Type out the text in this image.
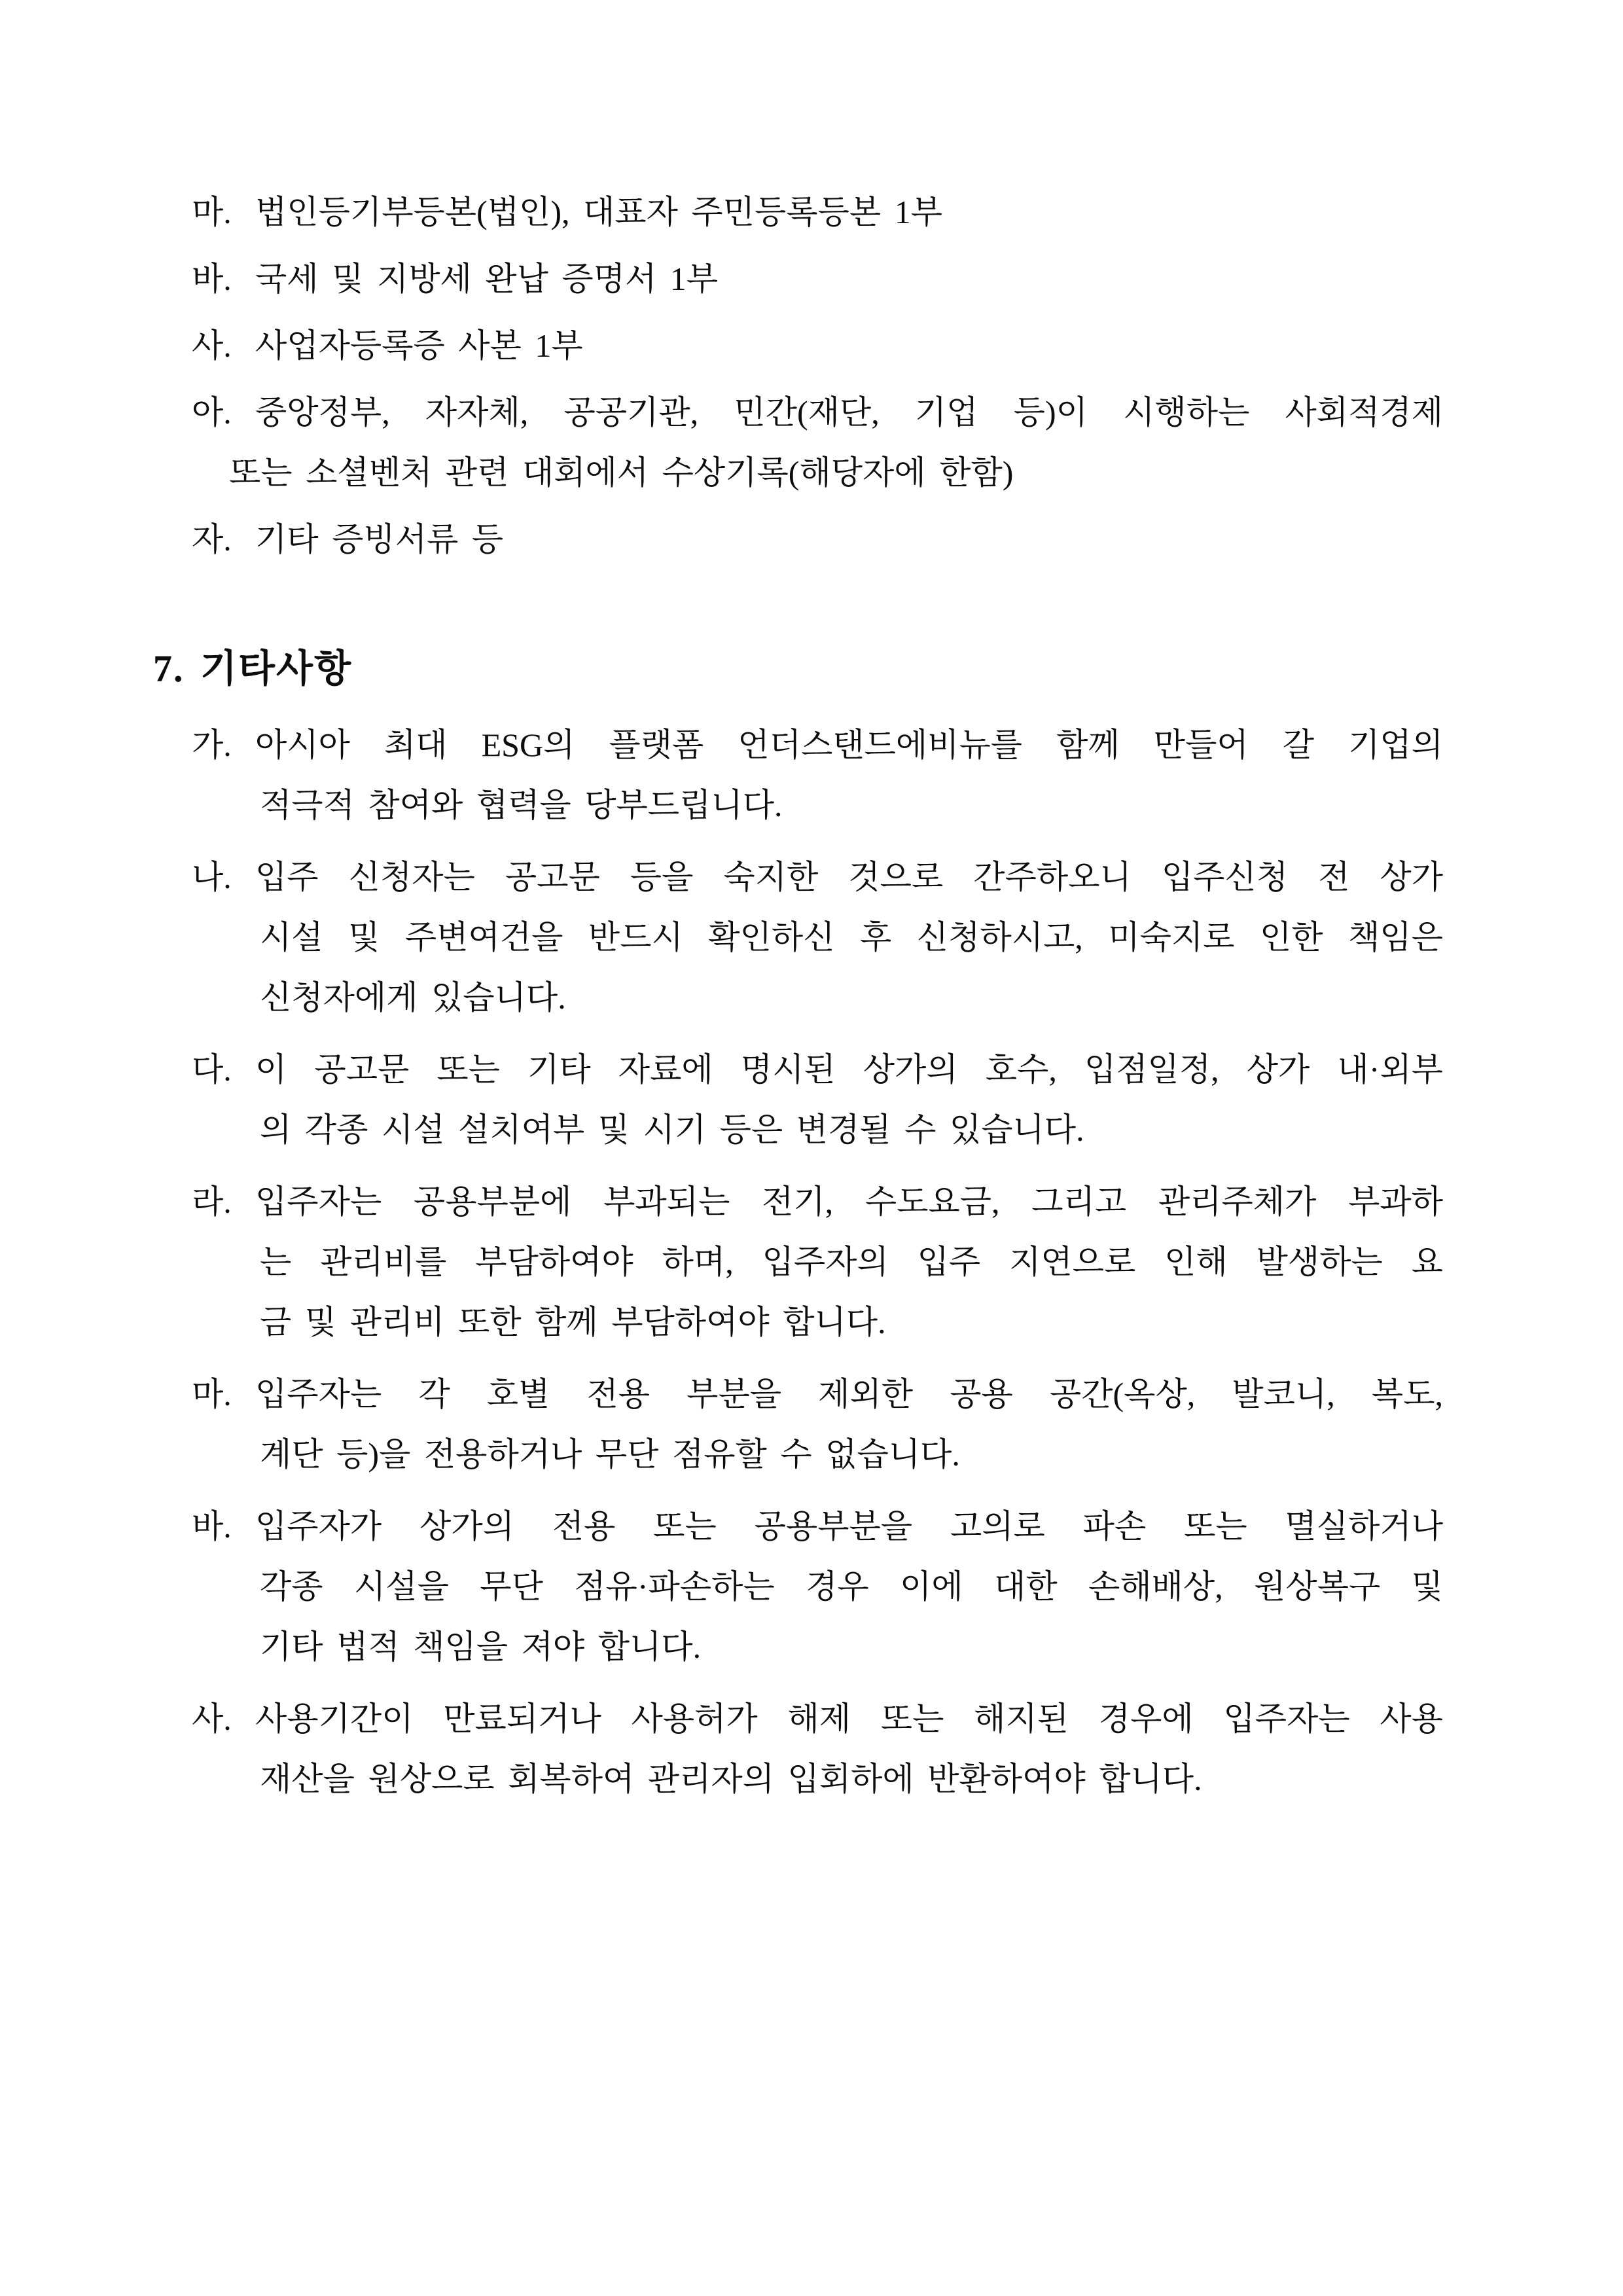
마. 법인등기부등본(법인), 대표자 주민등록등본 1부
바. 국세 및 지방세 완납 증명서 1부
사. 사업자등록증 사본 1부
아. 중앙정부, 자자체, 공공기관, 민간(재단, 기업 등)이 시행하는 사회적경제
또는 소셜벤처 관련 대회에서 수상기록(해당자에 한함)
자. 기타 증빙서류 등
7. 기타사항
가. 아시아 최대 ESG의 플랫폼 언더스탠드에비뉴를 함께 만들어 갈 기업의
적극적 참여와 협력을 당부드립니다.
나. 입주 신청자는 공고문 등을 숙지한 것으로 간주하오니 입주신청 전 상가
시설 및 주변여건을 반드시 확인하신 후 신청하시고, 미숙지로 인한 책임은
신청자에게 있습니다.
다. 이 공고문 또는 기타 자료에 명시된 상가의 호수, 입점일정, 상가 내·외부
의 각종 시설 설치여부 및 시기 등은 변경될 수 있습니다.
라. 입주자는 공용부분에 부과되는 전기, 수도요금, 그리고 관리주체가 부과하
는 관리비를 부담하여야 하며, 입주자의 입주 지연으로 인해 발생하는 요
금 및 관리비 또한 함께 부담하여야 합니다.
마. 입주자는 각 호별 전용 부분을 제외한 공용 공간(옥상, 발코니, 복도,
계단 등)을 전용하거나 무단 점유할 수 없습니다.
바. 입주자가 상가의 전용 또는 공용부분을 고의로 파손 또는 멸실하거나
각종 시설을 무단 점유·파손하는 경우 이에 대한 손해배상, 원상복구 및
기타 법적 책임을 져야 합니다.
사. 사용기간이 만료되거나 사용허가 해제 또는 해지된 경우에 입주자는 사용
재산을 원상으로 회복하여 관리자의 입회하에 반환하여야 합니다.
